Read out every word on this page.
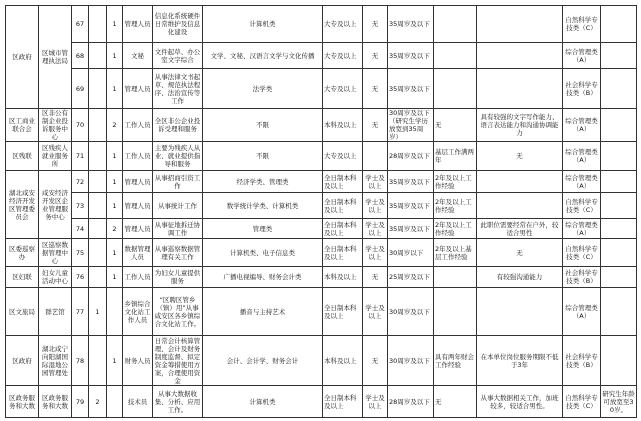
区政府	区城市管理执法局	67		1	管理人员	信息化系统硬件日常维护及信息化建设	计算机类	大专及以上	无	35周岁及以下			自然科学专技类（C）	
		68		1	文秘	文件起草、办公室文字综合	文学、文秘、汉语言文学与文化传播	大专及以上	无	35周岁及以下			综合管理类（A）	
		69		1	管理人员	从事法律文书起草、规范执法程序、法治宣传等工作	法学类	大专及以上	无	35周岁及以下			社会科学专技类（B）	
区工商业联合会	区非公有制企业投诉服务中心	70		2	工作人员	全区非公企业投诉受理和服务	不限	本科及以上	无	30周岁及以下（研究生学历放宽到35周岁）	无	具有较强的文字写作能力、语言表达能力和沟通协调能力	综合管理类（A）	
区残联	区残疾人就业服务所	71		1	工作人员	主要为残疾人从业、就业提供指导和服务	不限	大专及以上		28周岁及以下	基层工作满两年	无	综合管理类（A）	
湖北咸安经济开发区管理委员会	咸安经济开发区企业管理服务中心	72		1	管理人员	从事招商引资工作	经济学类、管理类	全日制本科及以上	学士及以上	35周岁及以下	2年及以上工作经验		综合管理类（A）	
		73		1	管理人员	从事统计工作	数学统计学类、计算机类	全日制本科及以上	学士及以上	35周岁及以下	2年及以上工作经验		自然科学专技类（C）	
		74		2	管理人员	从事征地拆迁协调工作	管理类	全日制本科及以上	学士及以上	35周岁及以下	2年及以上工作经验	此职位需要经常在户外，较适合男性	综合管理类（A）	
区委巡察办	区巡察数据管理中心	75		1	数据管理人员	从事巡察数据管理有关工作	计算机类、电子信息类	全日制本科及以上	学士及以上	30周岁以下	2年及以上基层工作经验	无	自然科学专技类（C）	
区妇联	妇女儿童活动中心	76		1	工作人员	为妇女儿童提供服务	广播电视编导、财务会计类	本科及以上	无	25周岁及以下		有较强沟通能力	社会科学专技类（B）	
区文旅局	群艺馆	77	1		乡镇综合文化站工作人员	“区聘区管乡（镇）用”从事咸安区各乡镇综合文化站工作。	播音与主持艺术	全日制本科及以上	学士及以上	30周岁及以下			综合管理类（A）	
区政府	湖北咸宁向阳湖国际湿地公园管理处	78		1	财务人员	日常会计核算管理、会计及财务制度监督、拟定资金筹措使用方案，合理使用资金	会计、会计学、财务会计	本科及以上	无	30周岁及以下	具有两年财会工作经验	在本单位岗位服务期限不低于3年	社会科学专技类（B）	
区政务服务和大数	区政务服务和大数	79	2		技术员	从事大数据收集、分析、应用工作。	计算机类	全日制本科及以上	学士及以上	28周岁及以下	无	从事大数据相关工作，加班较多，较适合男性。	自然科学专技类（C）	研究生年龄可放宽至30岁。
